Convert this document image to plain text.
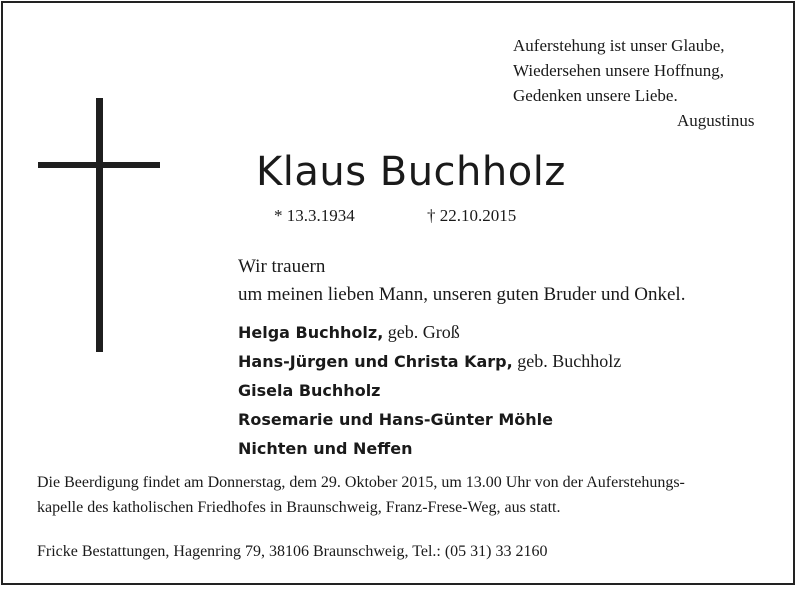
Auferstehung ist unser Glaube,
Wiedersehen unsere Hoffnung,
Gedenken unsere Liebe.
Augustinus
Klaus Buchholz
* 13.3.1934	† 22.10.2015
Wir trauern
um meinen lieben Mann, unseren guten Bruder und Onkel.
Helga Buchholz, geb. Groß
Hans-Jürgen und Christa Karp, geb. Buchholz
Gisela Buchholz
Rosemarie und Hans-Günter Möhle
Nichten und Neffen
Die Beerdigung findet am Donnerstag, dem 29. Oktober 2015, um 13.00 Uhr von der Auferstehungs-
kapelle des katholischen Friedhofes in Braunschweig, Franz-Frese-Weg, aus statt.
Fricke Bestattungen, Hagenring 79, 38106 Braunschweig, Tel.: (05 31) 33 2160
